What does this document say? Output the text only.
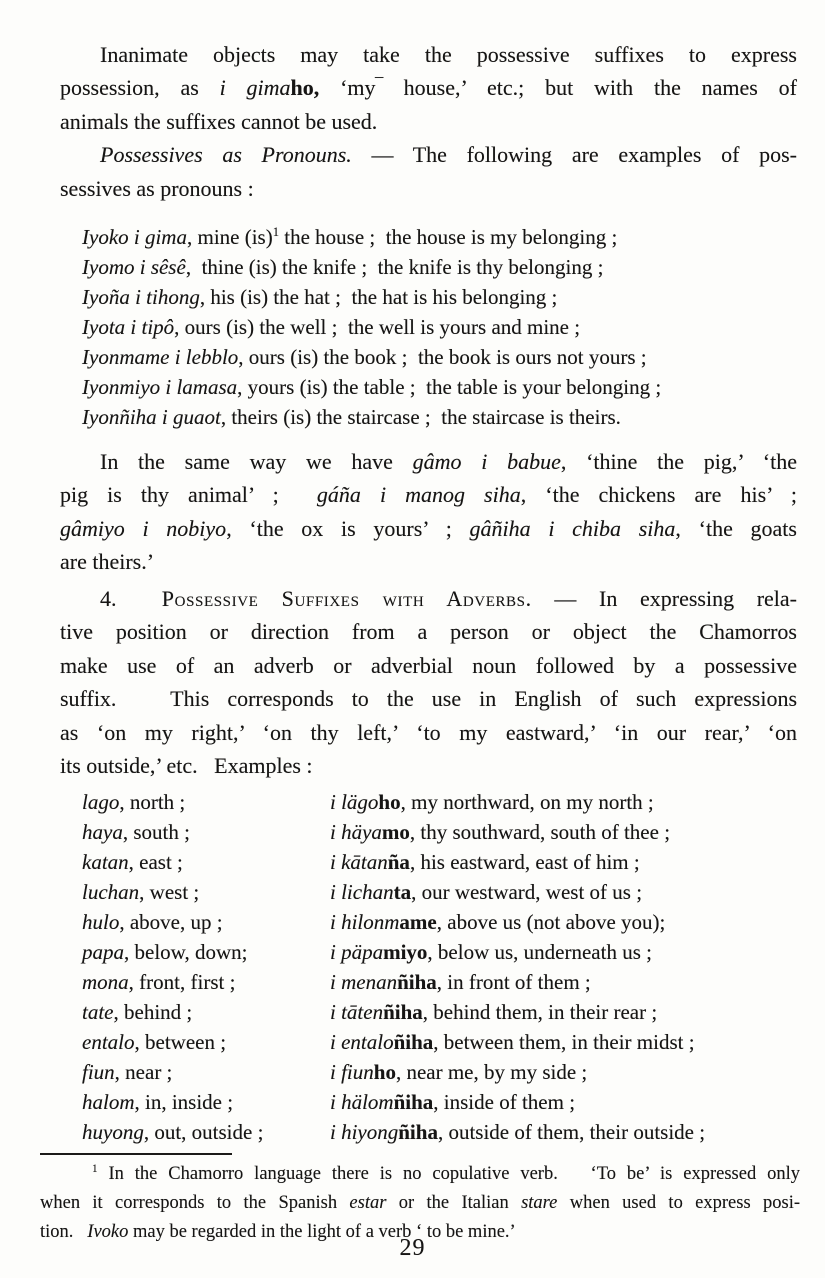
Inanimate objects may take the possessive suffixes to express
possession, as i gimaho, ‘my‾ house,’ etc.; but with the names of
animals the suffixes cannot be used.
Possessives as Pronouns. — The following are examples of pos-
sessives as pronouns :
Iyoko i gima, mine (is)$^1$ the house ;  the house is my belonging ;
Iyomo i sêsê,  thine (is) the knife ;  the knife is thy belonging ;
Iyoña i tihong, his (is) the hat ;  the hat is his belonging ;
Iyota i tipô, ours (is) the well ;  the well is yours and mine ;
Iyonmame i lebblo, ours (is) the book ;  the book is ours not yours ;
Iyonmiyo i lamasa, yours (is) the table ;  the table is your belonging ;
Iyonñiha i guaot, theirs (is) the staircase ;  the staircase is theirs.
In the same way we have gâmo i babue, ‘thine the pig,’ ‘the
pig is thy animal’ ;  gáña i manog siha, ‘the chickens are his’ ;
gâmiyo i nobiyo, ‘the ox is yours’ ; gâñiha i chiba siha, ‘the goats
are theirs.’
4.  Possessive Suffixes with Adverbs. — In expressing rela-
tive position or direction from a person or object the Chamorros
make use of an adverb or adverbial noun followed by a possessive
suffix.   This corresponds to the use in English of such expressions
as ‘on my right,’ ‘on thy left,’ ‘to my eastward,’ ‘in our rear,’ ‘on
its outside,’ etc.   Examples :
lago, north ;	i lägoho, my northward, on my north ;
haya, south ;	i häyamo, thy southward, south of thee ;
katan, east ;	i kātanña, his eastward, east of him ;
luchan, west ;	i lichanta, our westward, west of us ;
hulo, above, up ;	i hilonmame, above us (not above you);
papa, below, down;	i päpamiyo, below us, underneath us ;
mona, front, first ;	i menanñiha, in front of them ;
tate, behind ;	i tātenñiha, behind them, in their rear ;
entalo, between ;	i entaloñiha, between them, in their midst ;
fiun, near ;	i fiunho, near me, by my side ;
halom, in, inside ;	i hälomñiha, inside of them ;
huyong, out, outside ;	i hiyongñiha, outside of them, their outside ;
$^1$ In the Chamorro language there is no copulative verb.   ‘To be’ is expressed only
when it corresponds to the Spanish estar or the Italian stare when used to express posi-
tion.   Ivoko may be regarded in the light of a verb ‘ to be mine.’
29
